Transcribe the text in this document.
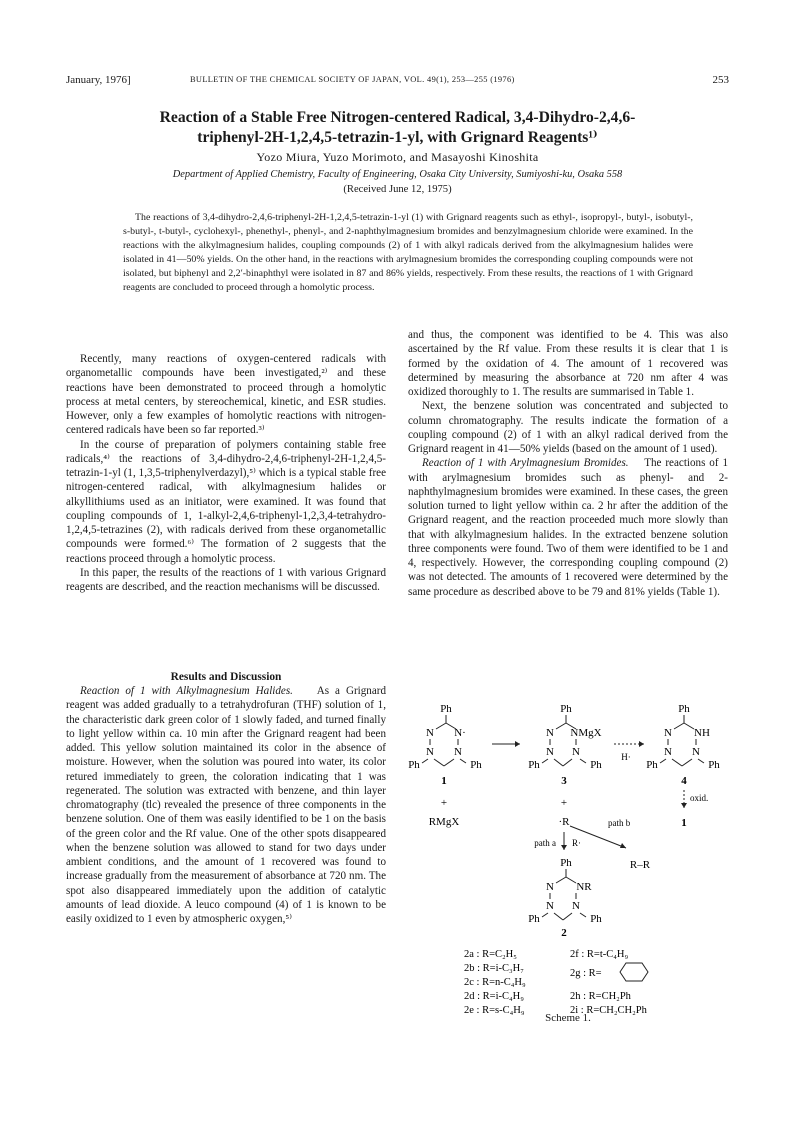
January, 1976]	BULLETIN OF THE CHEMICAL SOCIETY OF JAPAN, VOL. 49(1), 253—255 (1976)	253
Reaction of a Stable Free Nitrogen-centered Radical, 3,4-Dihydro-2,4,6-
triphenyl-2H-1,2,4,5-tetrazin-1-yl, with Grignard Reagents¹⁾
Yozo Miura, Yuzo Morimoto, and Masayoshi Kinoshita
Department of Applied Chemistry, Faculty of Engineering, Osaka City University, Sumiyoshi-ku, Osaka 558
(Received June 12, 1975)
The reactions of 3,4-dihydro-2,4,6-triphenyl-2H-1,2,4,5-tetrazin-1-yl (1) with Grignard reagents such as ethyl-, isopropyl-, butyl-, isobutyl-, s-butyl-, t-butyl-, cyclohexyl-, phenethyl-, phenyl-, and 2-naphthylmagnesium bromides and benzylmagnesium chloride were examined. In the reactions with the alkylmagnesium halides, coupling compounds (2) of 1 with alkyl radicals derived from the alkylmagnesium halides were isolated in 41—50% yields. On the other hand, in the reactions with arylmagnesium bromides the corresponding coupling compounds were not isolated, but biphenyl and 2,2′-binaphthyl were isolated in 87 and 86% yields, respectively. From these results, the reactions of 1 with Grignard reagents are concluded to proceed through a homolytic process.

Recently, many reactions of oxygen-centered radicals with organometallic compounds have been investigated,²⁾ and these reactions have been demonstrated to proceed through a homolytic process at metal centers, by stereochemical, kinetic, and ESR studies. However, only a few examples of homolytic reactions with nitrogen-centered radicals have been so far reported.³⁾

In the course of preparation of polymers containing stable free radicals,⁴⁾ the reactions of 3,4-dihydro-2,4,6-triphenyl-2H-1,2,4,5-tetrazin-1-yl (1, 1,3,5-triphenylverdazyl),⁵⁾ which is a typical stable free nitrogen-centered radical, with alkylmagnesium halides or alkyllithiums used as an initiator, were examined. It was found that coupling compounds of 1, 1-alkyl-2,4,6-triphenyl-1,2,3,4-tetrahydro-1,2,4,5-tetrazines (2), with radicals derived from these organometallic compounds were formed.⁶⁾ The formation of 2 suggests that the reactions proceed through a homolytic process.

In this paper, the results of the reactions of 1 with various Grignard reagents are described, and the reaction mechanisms will be discussed.

Results and Discussion

Reaction of 1 with Alkylmagnesium Halides. As a Grignard reagent was added gradually to a tetrahydrofuran (THF) solution of 1, the characteristic dark green color of 1 slowly faded, and turned finally to light yellow within ca. 10 min after the Grignard reagent had been added. This yellow solution maintained its color in the absence of moisture. However, when the solution was poured into water, its color retured immediately to green, the coloration indicating that 1 was regenerated. The solution was extracted with benzene, and thin layer chromatography (tlc) revealed the presence of three components in the benzene solution. One of them was easily identified to be 1 on the basis of the green color and the Rf value. One of the other spots disappeared when the benzene solution was allowed to stand for two days under ambient conditions, and the amount of 1 recovered was found to increase gradually from the measurement of absorbance at 720 nm. The spot also disappeared immediately upon the addition of catalytic amounts of lead dioxide. A leuco compound (4) of 1 is known to be easily oxidized to 1 even by atmospheric oxygen,⁵⁾

and thus, the component was identified to be 4. This was also ascertained by the Rf value. From these results it is clear that 1 is formed by the oxidation of 4. The amount of 1 recovered was determined by measuring the absorbance at 720 nm after 4 was oxidized thoroughly to 1. The results are summarised in Table 1.

Next, the benzene solution was concentrated and subjected to column chromatography. The results indicate the formation of a coupling compound (2) of 1 with an alkyl radical derived from the Grignard reagent in 41—50% yields (based on the amount of 1 used).

Reaction of 1 with Arylmagnesium Bromides. The reactions of 1 with arylmagnesium bromides such as phenyl- and 2-naphthylmagnesium bromides were examined. In these cases, the green solution turned to light yellow within ca. 2 hr after the addition of the Grignard reagent, and the reaction proceeded much more slowly than that with alkylmagnesium halides. In the extracted benzene solution three components were found. Two of them were identified to be 1 and 4, respectively. However, the corresponding coupling compound (2) was not detected. The amounts of 1 recovered were determined by the same procedure as described above to be 79 and 81% yields (Table 1).

Ph
N N·
N N
Ph	Ph
1
+
RMgX
Ph
N NMgX
N N
Ph	Ph
3
+
·R
H·
Ph
N NH
N N
Ph	Ph
4
oxid.
1
path a R·
path b
R–R
Ph
N NR
N N
Ph	Ph
2
2a : R=C₂H₅
2b : R=i-C₃H₇
2c : R=n-C₄H₉
2d : R=i-C₄H₉
2e : R=s-C₄H₉
2f : R=t-C₄H₉
2g : R=
2h : R=CH₂Ph
2i : R=CH₂CH₂Ph
Scheme 1.
